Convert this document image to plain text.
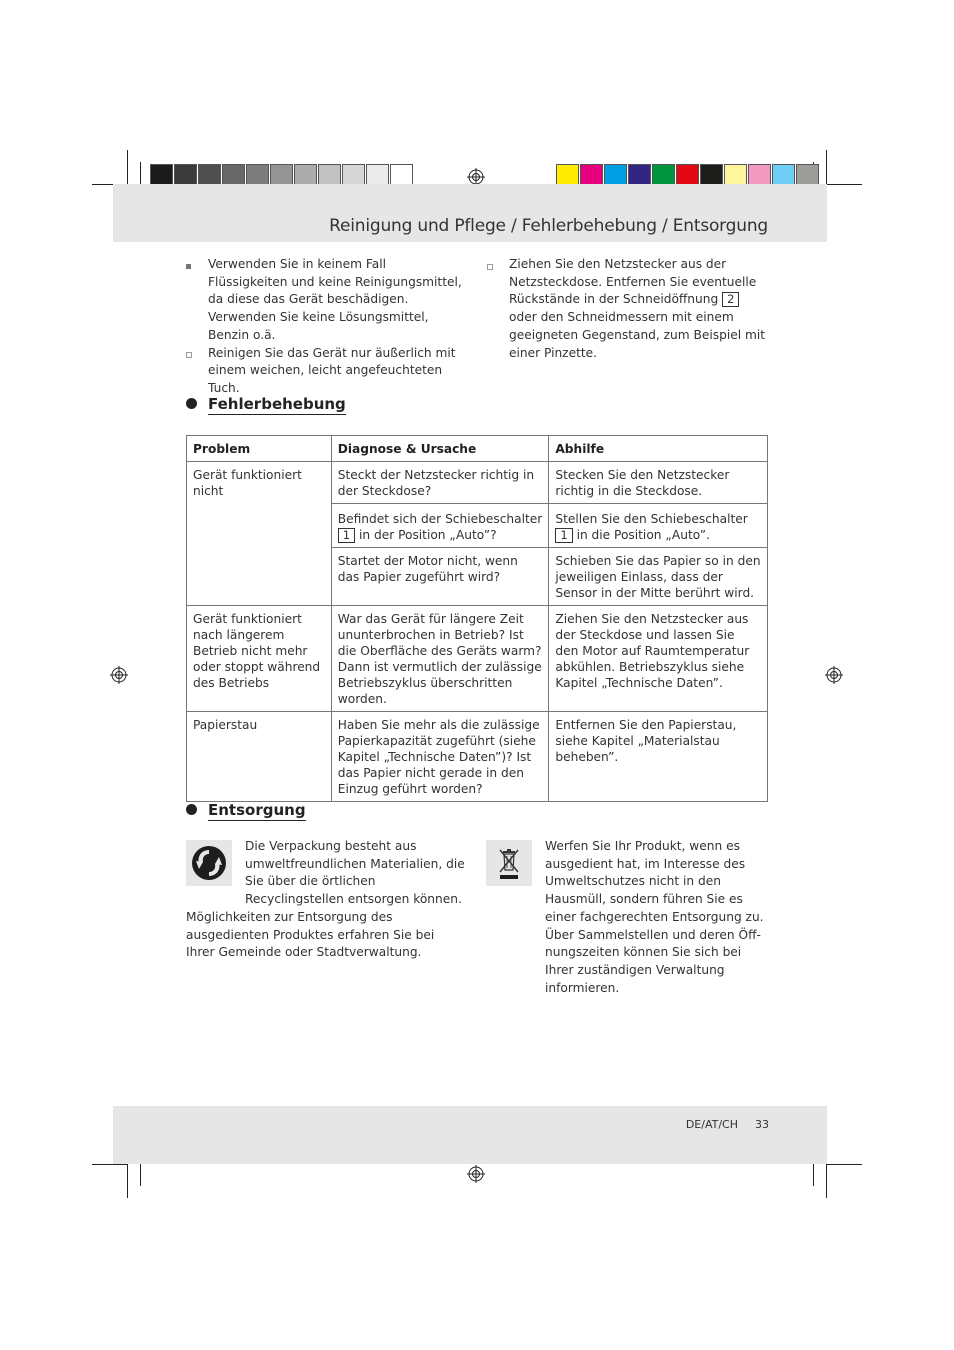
Reinigung und Pflege / Fehlerbehebung / Entsorgung
Verwenden Sie in keinem Fall Flüssigkeiten und keine Reinigungsmittel, da diese das Gerät beschädigen. Verwenden Sie keine Lösungsmittel, Benzin o.ä.
Reinigen Sie das Gerät nur äußerlich mit einem weichen, leicht angefeuchteten Tuch.
Ziehen Sie den Netzstecker aus der Netzsteckdose. Entfernen Sie eventuelle Rückstände in der Schneidöffnung 2 oder den Schneidmessern mit einem geeigneten Gegenstand, zum Beispiel mit einer Pinzette.
Fehlerbehebung
Problem	Diagnose & Ursache	Abhilfe
Gerät funktioniert nicht	Steckt der Netzstecker richtig in der Steckdose?	Stecken Sie den Netzstecker richtig in die Steckdose.
	Befindet sich der Schiebeschalter 1 in der Position „Auto”?	Stellen Sie den Schiebeschalter 1 in die Position „Auto”.
	Startet der Motor nicht, wenn das Papier zugeführt wird?	Schieben Sie das Papier so in den jeweiligen Einlass, dass der Sensor in der Mitte berührt wird.
Gerät funktioniert nach längerem Betrieb nicht mehr oder stoppt während des Betriebs	War das Gerät für längere Zeit ununterbrochen in Betrieb? Ist die Oberfläche des Geräts warm? Dann ist vermutlich der zulässige Betriebszyklus überschritten worden.	Ziehen Sie den Netzstecker aus der Steckdose und lassen Sie den Motor auf Raumtemperatur abkühlen. Betriebszyklus siehe Kapitel „Technische Daten”.
Papierstau	Haben Sie mehr als die zulässige Papierkapazität zugeführt (siehe Kapitel „Technische Daten”)? Ist das Papier nicht gerade in den Einzug geführt worden?	Entfernen Sie den Papierstau, siehe Kapitel „Materialstau beheben”.
Entsorgung
Die Verpackung besteht aus umweltfreundlichen Materialien, die Sie über die örtlichen Recyclingstellen entsorgen können.
Möglichkeiten zur Entsorgung des ausgedienten Produktes erfahren Sie bei Ihrer Gemeinde oder Stadtverwaltung.
Werfen Sie Ihr Produkt, wenn es ausgedient hat, im Interesse des Umweltschutzes nicht in den Hausmüll, sondern führen Sie es einer fachgerechten Entsorgung zu. Über Sammelstellen und deren Öffnungszeiten können Sie sich bei Ihrer zuständigen Verwaltung informieren.
DE/AT/CH 33
